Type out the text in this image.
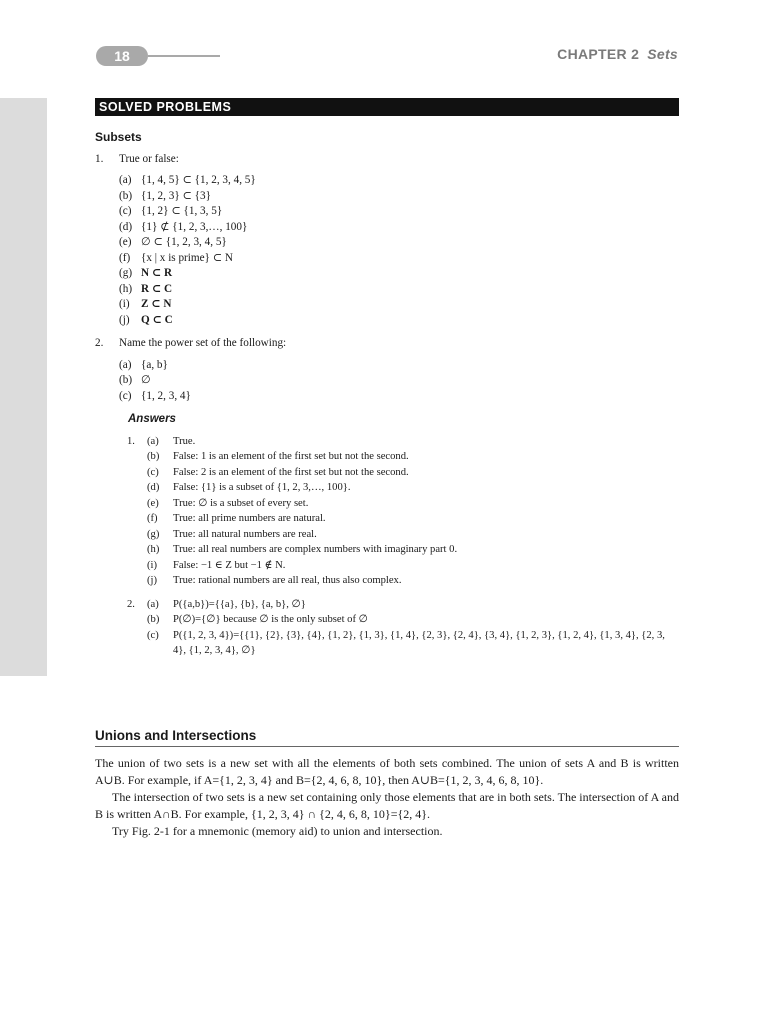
18	CHAPTER 2 Sets
SOLVED PROBLEMS
Subsets
1.	True or false:
(a) {1, 4, 5} ⊂ {1, 2, 3, 4, 5}
(b) {1, 2, 3} ⊂ {3}
(c) {1, 2} ⊂ {1, 3, 5}
(d) {1} ⊄ {1, 2, 3,…, 100}
(e) ∅ ⊂ {1, 2, 3, 4, 5}
(f) {x | x is prime} ⊂ N
(g) N ⊂ R
(h) R ⊂ C
(i)	Z ⊂ N
(j)	Q ⊂ C
2.	Name the power set of the following:
(a) {a, b}
(b) ∅
(c) {1, 2, 3, 4}
Answers
1.	(a)	True.
(b)	False: 1 is an element of the first set but not the second.
(c)	False: 2 is an element of the first set but not the second.
(d)	False: {1} is a subset of {1, 2, 3,…, 100}.
(e)	True: ∅ is a subset of every set.
(f)	True: all prime numbers are natural.
(g)	True: all natural numbers are real.
(h)	True: all real numbers are complex numbers with imaginary part 0.
(i)	False: −1 ∈ Z but −1 ∉ N.
(j)	True: rational numbers are all real, thus also complex.
2.	(a)	P({a,b})={{a}, {b}, {a, b}, ∅}
(b)	P(∅)={∅} because ∅ is the only subset of ∅
(c)	P({1, 2, 3, 4})={{1}, {2}, {3}, {4}, {1, 2}, {1, 3}, {1, 4}, {2, 3}, {2, 4}, {3, 4}, {1, 2, 3}, {1, 2, 4}, {1, 3, 4}, {2, 3, 4}, {1, 2, 3, 4}, ∅}
Unions and Intersections
The union of two sets is a new set with all the elements of both sets combined. The union of sets A and B is written A∪B. For example, if A={1, 2, 3, 4} and B={2, 4, 6, 8, 10}, then A∪B={1, 2, 3, 4, 6, 8, 10}.
The intersection of two sets is a new set containing only those elements that are in both sets. The intersection of A and B is written A∩B. For example, {1, 2, 3, 4} ∩ {2, 4, 6, 8, 10}={2, 4}.
Try Fig. 2-1 for a mnemonic (memory aid) to union and intersection.
